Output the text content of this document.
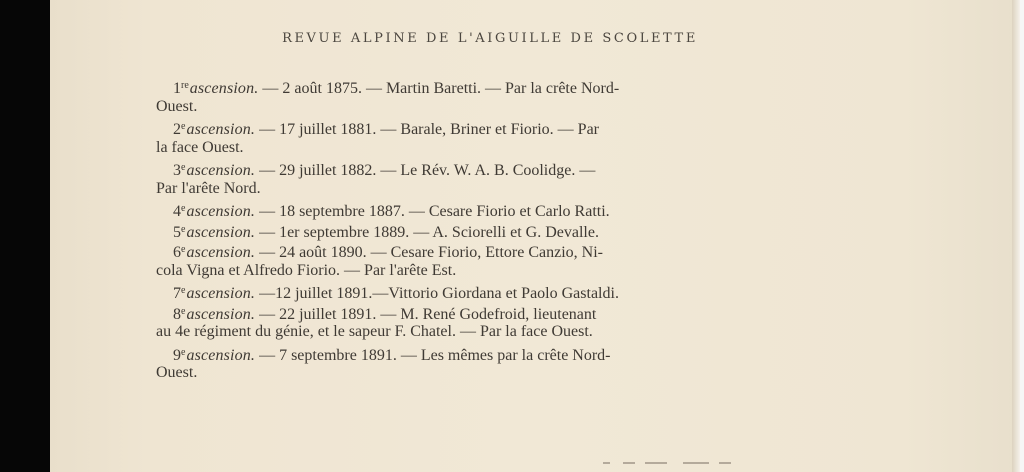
REVUE ALPINE DE L'AIGUILLE DE SCOLETTE
1reascension. — 2 août 1875. — Martin Baretti. — Par la crête Nord-
Ouest.
2eascension. — 17 juillet 1881. — Barale, Briner et Fiorio. — Par
la face Ouest.
3eascension. — 29 juillet 1882. — Le Rév. W. A. B. Coolidge. —
Par l'arête Nord.
4eascension. — 18 septembre 1887. — Cesare Fiorio et Carlo Ratti.
5eascension. — 1er septembre 1889. — A. Sciorelli et G. Devalle.
6eascension. — 24 août 1890. — Cesare Fiorio, Ettore Canzio, Ni-
cola Vigna et Alfredo Fiorio. — Par l'arête Est.
7eascension. —12 juillet 1891.—Vittorio Giordana et Paolo Gastaldi.
8eascension. — 22 juillet 1891. — M. René Godefroid, lieutenant
au 4e régiment du génie, et le sapeur F. Chatel. — Par la face Ouest.
9eascension. — 7 septembre 1891. — Les mêmes par la crête Nord-
Ouest.
